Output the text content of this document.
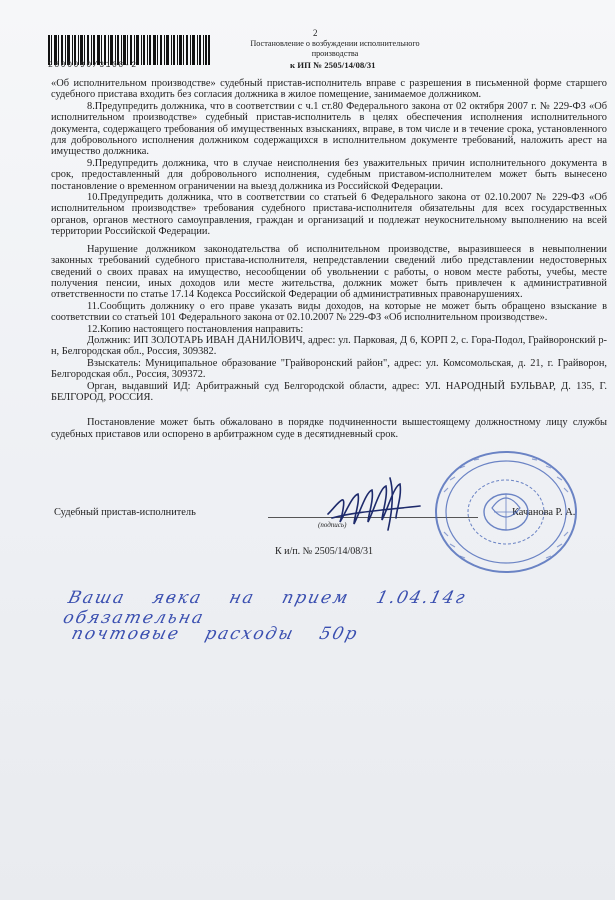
2800090/3108-2
2
Постановление о возбуждении исполнительного производства
к ИП № 2505/14/08/31

«Об исполнительном производстве» судебный пристав-исполнитель вправе с разрешения в письменной форме старшего судебного пристава входить без согласия должника в жилое помещение, занимаемое должником.

8.Предупредить должника, что в соответствии с ч.1 ст.80 Федерального закона от 02 октября 2007 г. № 229-ФЗ «Об исполнительном производстве» судебный пристав-исполнитель в целях обеспечения исполнения исполнительного документа, содержащего требования об имущественных взысканиях, вправе, в том числе и в течение срока, установленного для добровольного исполнения должником содержащихся в исполнительном документе требований, наложить арест на имущество должника.

9.Предупредить должника, что в случае неисполнения без уважительных причин исполнительного документа в срок, предоставленный для добровольного исполнения, судебным приставом-исполнителем может быть вынесено постановление о временном ограничении на выезд должника из Российской Федерации.

10.Предупредить должника, что в соответствии со статьей 6 Федерального закона от 02.10.2007 № 229-ФЗ «Об исполнительном производстве» требования судебного пристава-исполнителя обязательны для всех государственных органов, органов местного самоуправления, граждан и организаций и подлежат неукоснительному выполнению на всей территории Российской Федерации.

Нарушение должником законодательства об исполнительном производстве, выразившееся в невыполнении законных требований судебного пристава-исполнителя, непредставлении сведений либо представлении недостоверных сведений о своих правах на имущество, несообщении об увольнении с работы, о новом месте работы, учебы, месте получения пенсии, иных доходов или месте жительства, должник может быть привлечен к административной ответственности по статье 17.14 Кодекса Российской Федерации об административных правонарушениях.

11.Сообщить должнику о его праве указать виды доходов, на которые не может быть обращено взыскание в соответствии со статьей 101 Федерального закона от 02.10.2007 № 229-ФЗ «Об исполнительном производстве».

12.Копию настоящего постановления направить:

Должник: ИП ЗОЛОТАРЬ ИВАН ДАНИЛОВИЧ, адрес: ул. Парковая, Д 6, КОРП 2, с. Гора-Подол, Грайворонский р-н, Белгородская обл., Россия, 309382.

Взыскатель: Муниципальное образование "Грайворонский район", адрес: ул. Комсомольская, д. 21, г. Грайворон, Белгородская обл., Россия, 309372.

Орган, выдавший ИД: Арбитражный суд Белгородской области, адрес: УЛ. НАРОДНЫЙ БУЛЬВАР, Д. 135, Г. БЕЛГОРОД, РОССИЯ.

Постановление может быть обжаловано в порядке подчиненности вышестоящему должностному лицу службы судебных приставов или оспорено в арбитражном суде в десятидневный срок.

Судебный пристав-исполнитель
(подпись)
Качанова Р. А.
К и/п. № 2505/14/08/31
Ваша явка на прием 1.04.14г обязательна
почтовые расходы 50р
